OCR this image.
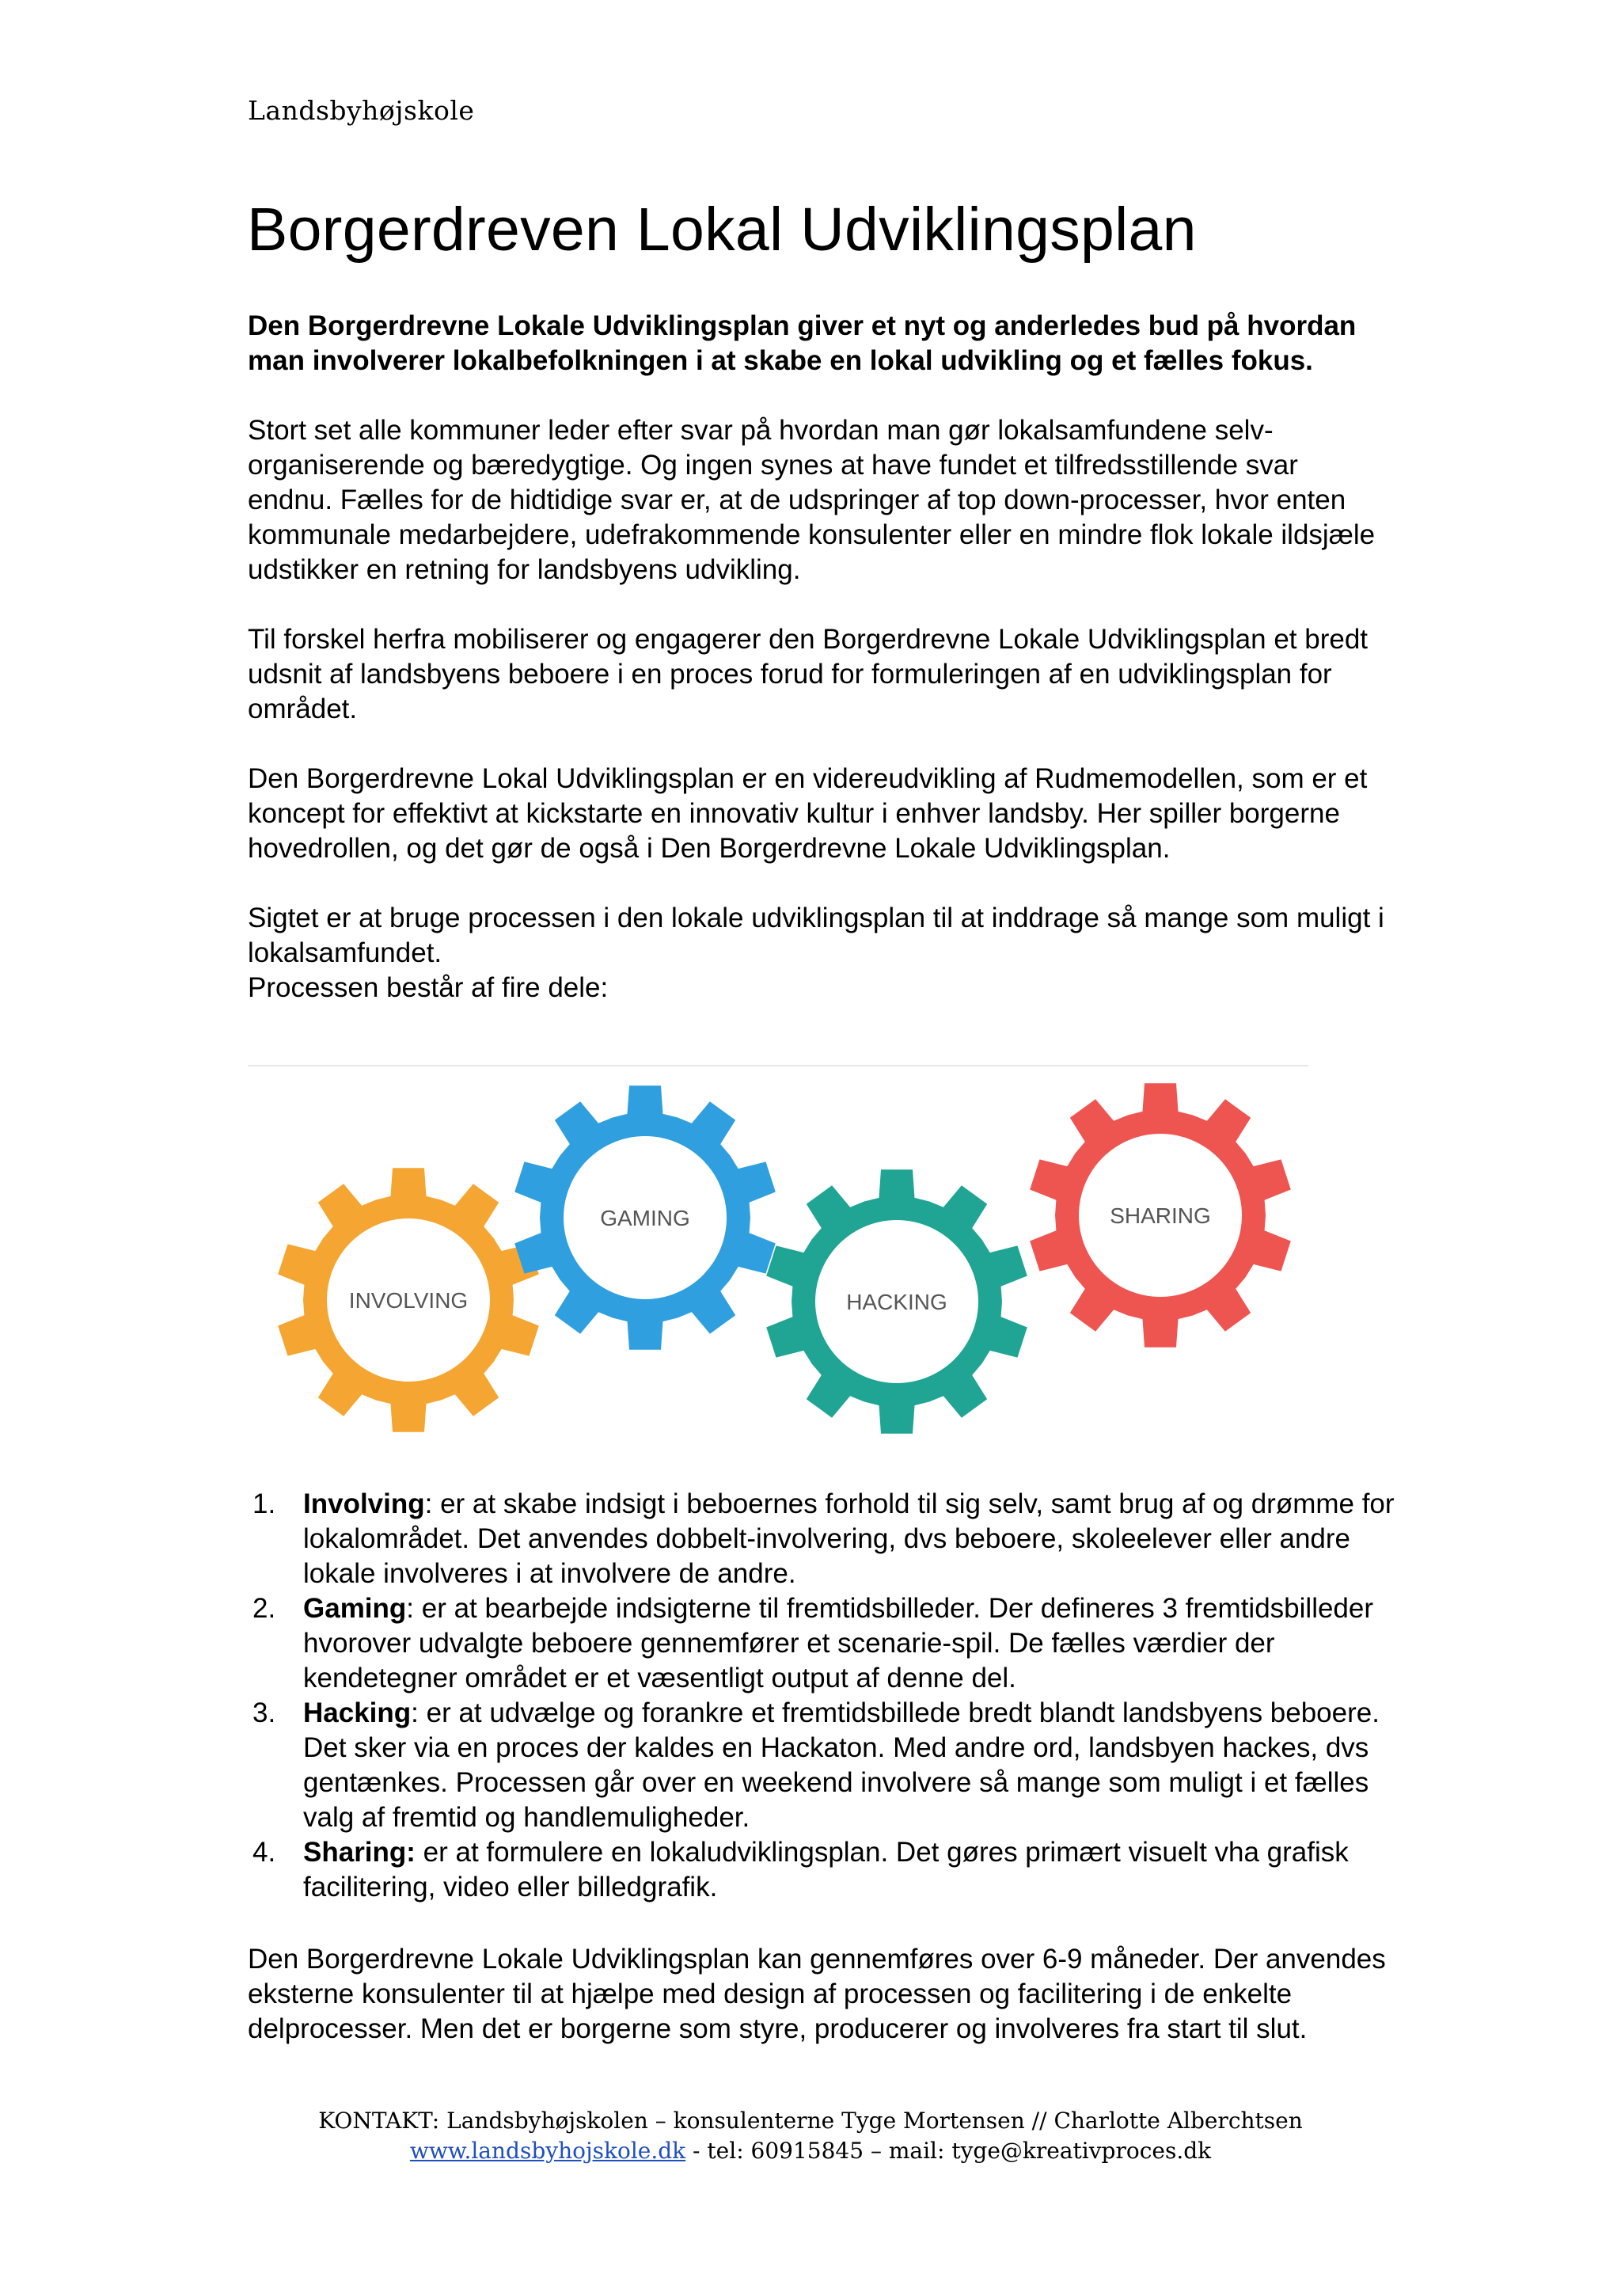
Landsbyhøjskole
Borgerdreven Lokal Udviklingsplan

Den Borgerdrevne Lokale Udviklingsplan giver et nyt og anderledes bud på hvordan man involverer lokalbefolkningen i at skabe en lokal udvikling og et fælles fokus.

Stort set alle kommuner leder efter svar på hvordan man gør lokalsamfundene selv-organiserende og bæredygtige. Og ingen synes at have fundet et tilfredsstillende svar endnu. Fælles for de hidtidige svar er, at de udspringer af top down-processer, hvor enten kommunale medarbejdere, udefrakommende konsulenter eller en mindre flok lokale ildsjæle udstikker en retning for landsbyens udvikling.

Til forskel herfra mobiliserer og engagerer den Borgerdrevne Lokale Udviklingsplan et bredt udsnit af landsbyens beboere i en proces forud for formuleringen af en udviklingsplan for området.

Den Borgerdrevne Lokal Udviklingsplan er en videreudvikling af Rudmemodellen, som er et koncept for effektivt at kickstarte en innovativ kultur i enhver landsby. Her spiller borgerne hovedrollen, og det gør de også i Den Borgerdrevne Lokale Udviklingsplan.

Sigtet er at bruge processen i den lokale udviklingsplan til at inddrage så mange som muligt i lokalsamfundet.

Processen består af fire dele:

INVOLVING
GAMING
HACKING
SHARING
1. Involving: er at skabe indsigt i beboernes forhold til sig selv, samt brug af og drømme for lokalområdet. Det anvendes dobbelt-involvering, dvs beboere, skoleelever eller andre lokale involveres i at involvere de andre.
2. Gaming: er at bearbejde indsigterne til fremtidsbilleder. Der defineres 3 fremtidsbilleder hvorover udvalgte beboere gennemfører et scenarie-spil. De fælles værdier der kendetegner området er et væsentligt output af denne del.
3. Hacking: er at udvælge og forankre et fremtidsbillede bredt blandt landsbyens beboere. Det sker via en proces der kaldes en Hackaton. Med andre ord, landsbyen hackes, dvs gentænkes. Processen går over en weekend involvere så mange som muligt i et fælles valg af fremtid og handlemuligheder.
4. Sharing: er at formulere en lokaludviklingsplan. Det gøres primært visuelt vha grafisk facilitering, video eller billedgrafik.

Den Borgerdrevne Lokale Udviklingsplan kan gennemføres over 6-9 måneder. Der anvendes eksterne konsulenter til at hjælpe med design af processen og facilitering i de enkelte delprocesser. Men det er borgerne som styre, producerer og involveres fra start til slut.

KONTAKT: Landsbyhøjskolen – konsulenterne Tyge Mortensen // Charlotte Alberchtsen
www.landsbyhojskole.dk - tel: 60915845 – mail: tyge@kreativproces.dk
